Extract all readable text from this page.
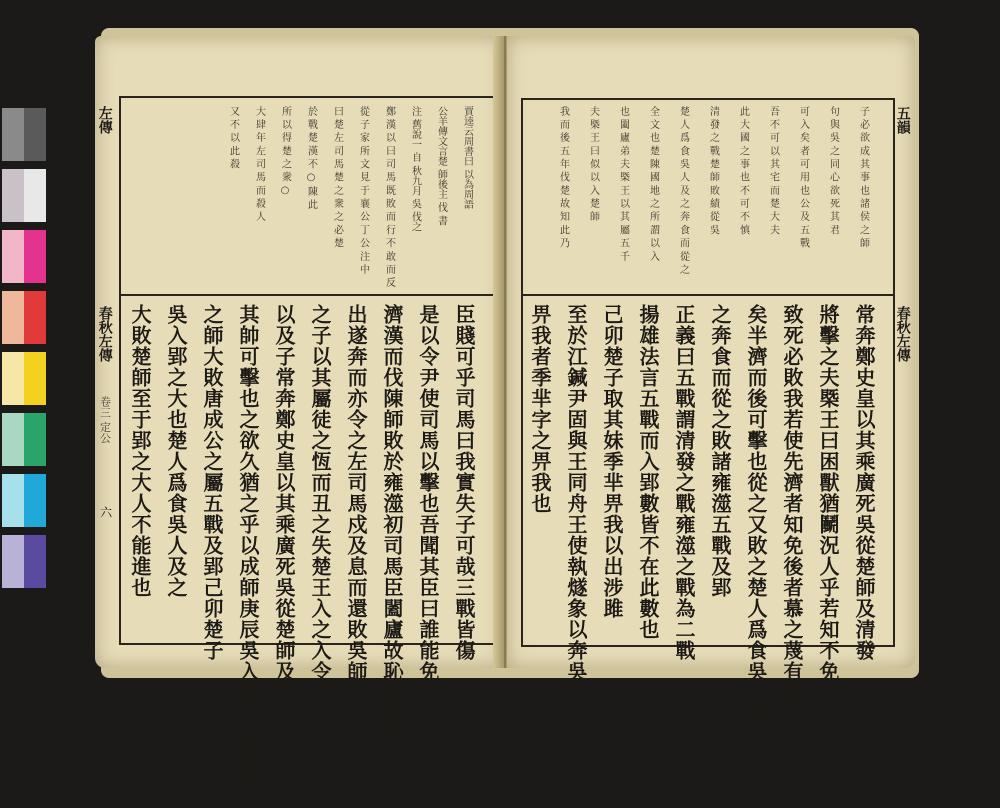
左傳
春秋左傳
卷三 定公
六
賈逵云周書曰 以為周語
公羊傳文言楚 師後主 伐 書
注 舊說一 自 秋九月 吳 伐之
鄭 漢 以 曰 司 馬 既 敗 而 行 不 敢 而 反
從 子 家 所 文 見 于 襄 公 丁 公 注 中
曰 楚 左 司 馬 楚 之 衆 之 必 楚
於 戰 楚 漢 不 ○ 陳 此
所 以 得 楚 之 衆 ○
大 肆 年 左 司 馬 而 殺 人
又 不 以 此 殺
臣賤可乎司馬曰我實失子可哉三戰皆傷
是以令尹使司馬以擊也吾聞其臣曰誰能免吾首吳句卑曰
濟漢而伐陳師敗於雍澨初司馬臣闔廬故恥爲禽焉
出遂奔而亦令之左司馬戍及息而還敗吳師于
之子以其屬徒之恆而丑之失楚王入之入令尹
以及子常奔鄭史皇以其乘廣死吳從楚師及清
其帥可擊也之欲久猶之乎以成師庚辰吳入郢以班處宮
之師大敗唐成公之屬五戰及郢己卯楚子
吳入郢之大也楚人爲食吳人及之
大敗楚師至于郢之大人不能進也
五韻
春秋左傳
子 必 欲 成 其 事 也 諸 侯 之 師
句 與 吳 之 同 心 欲 死 其 君
可 入 矣 者 可 用 也 公 及 五 戰
吾 不 可 以 其 宅 而 楚 大 夫
此 大 國 之 事 也 不 可 不 慎
清 發 之 戰 楚 師 敗 績 從 吳
楚 人 爲 食 吳 人 及 之 奔 食 而 從 之
全 文 也 楚 陳 國 地 之 所 謂 以 入
也 闔 廬 弟 夫 槩 王 以 其 屬 五 千
夫 槩 王 曰 似 以 入 楚 師
我 而 後 五 年 伐 楚 故 知 此 乃
常奔鄭史皇以其乘廣死吳從楚師及清發
將擊之夫槩王曰困獸猶鬭況人乎若知不免而
致死必敗我若使先濟者知免後者慕之蔑有鬭心
矣半濟而後可擊也從之又敗之楚人爲食吳人及
之奔食而從之敗諸雍澨五戰及郢
正義曰五戰謂清發之戰雍澨之戰為二戰
揚雄法言五戰而入郢數皆不在此數也
己卯楚子取其妹季芈畀我以出涉雎
至於江鍼尹固與王同舟王使執燧象以奔吳師
畀我者季芈字之畀我也
